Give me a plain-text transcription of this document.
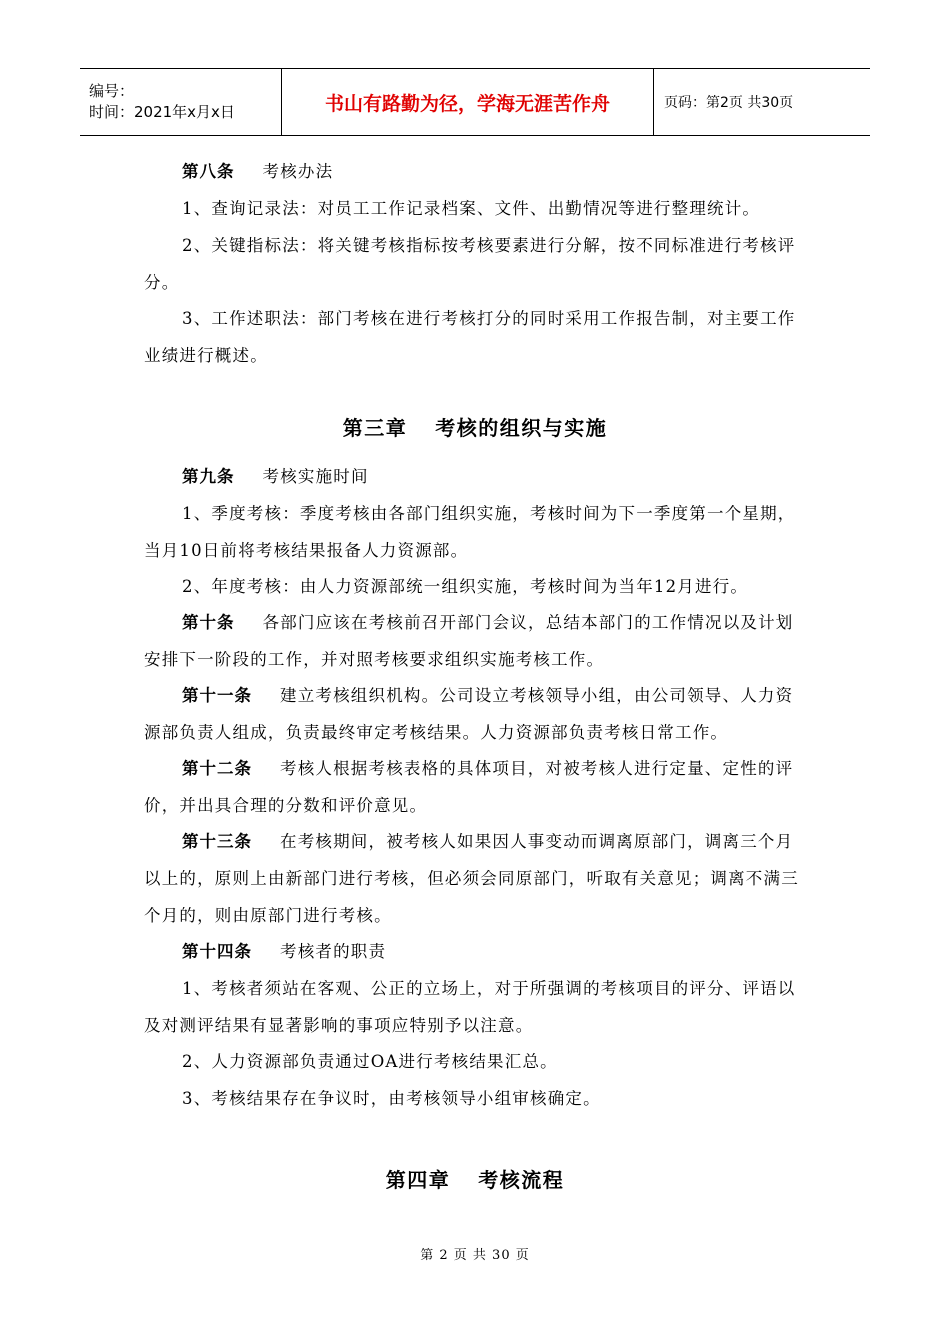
编号：
时间：2021年x月x日	书山有路勤为径，学海无涯苦作舟	页码：第2页 共30页

第八条 考核办法

1、查询记录法：对员工工作记录档案、文件、出勤情况等进行整理统计。

2、关键指标法：将关键考核指标按考核要素进行分解，按不同标准进行考核评分。

3、工作述职法：部门考核在进行考核打分的同时采用工作报告制，对主要工作业绩进行概述。

第三章 考核的组织与实施

第九条 考核实施时间

1、季度考核：季度考核由各部门组织实施，考核时间为下一季度第一个星期，当月10日前将考核结果报备人力资源部。

2、年度考核：由人力资源部统一组织实施，考核时间为当年12月进行。

第十条 各部门应该在考核前召开部门会议，总结本部门的工作情况以及计划安排下一阶段的工作，并对照考核要求组织实施考核工作。

第十一条 建立考核组织机构。公司设立考核领导小组，由公司领导、人力资源部负责人组成，负责最终审定考核结果。人力资源部负责考核日常工作。

第十二条 考核人根据考核表格的具体项目，对被考核人进行定量、定性的评价，并出具合理的分数和评价意见。

第十三条 在考核期间，被考核人如果因人事变动而调离原部门，调离三个月以上的，原则上由新部门进行考核，但必须会同原部门，听取有关意见；调离不满三个月的，则由原部门进行考核。

第十四条 考核者的职责

1、考核者须站在客观、公正的立场上，对于所强调的考核项目的评分、评语以及对测评结果有显著影响的事项应特别予以注意。

2、人力资源部负责通过OA进行考核结果汇总。

3、考核结果存在争议时，由考核领导小组审核确定。

第四章 考核流程

第 2 页 共 30 页
